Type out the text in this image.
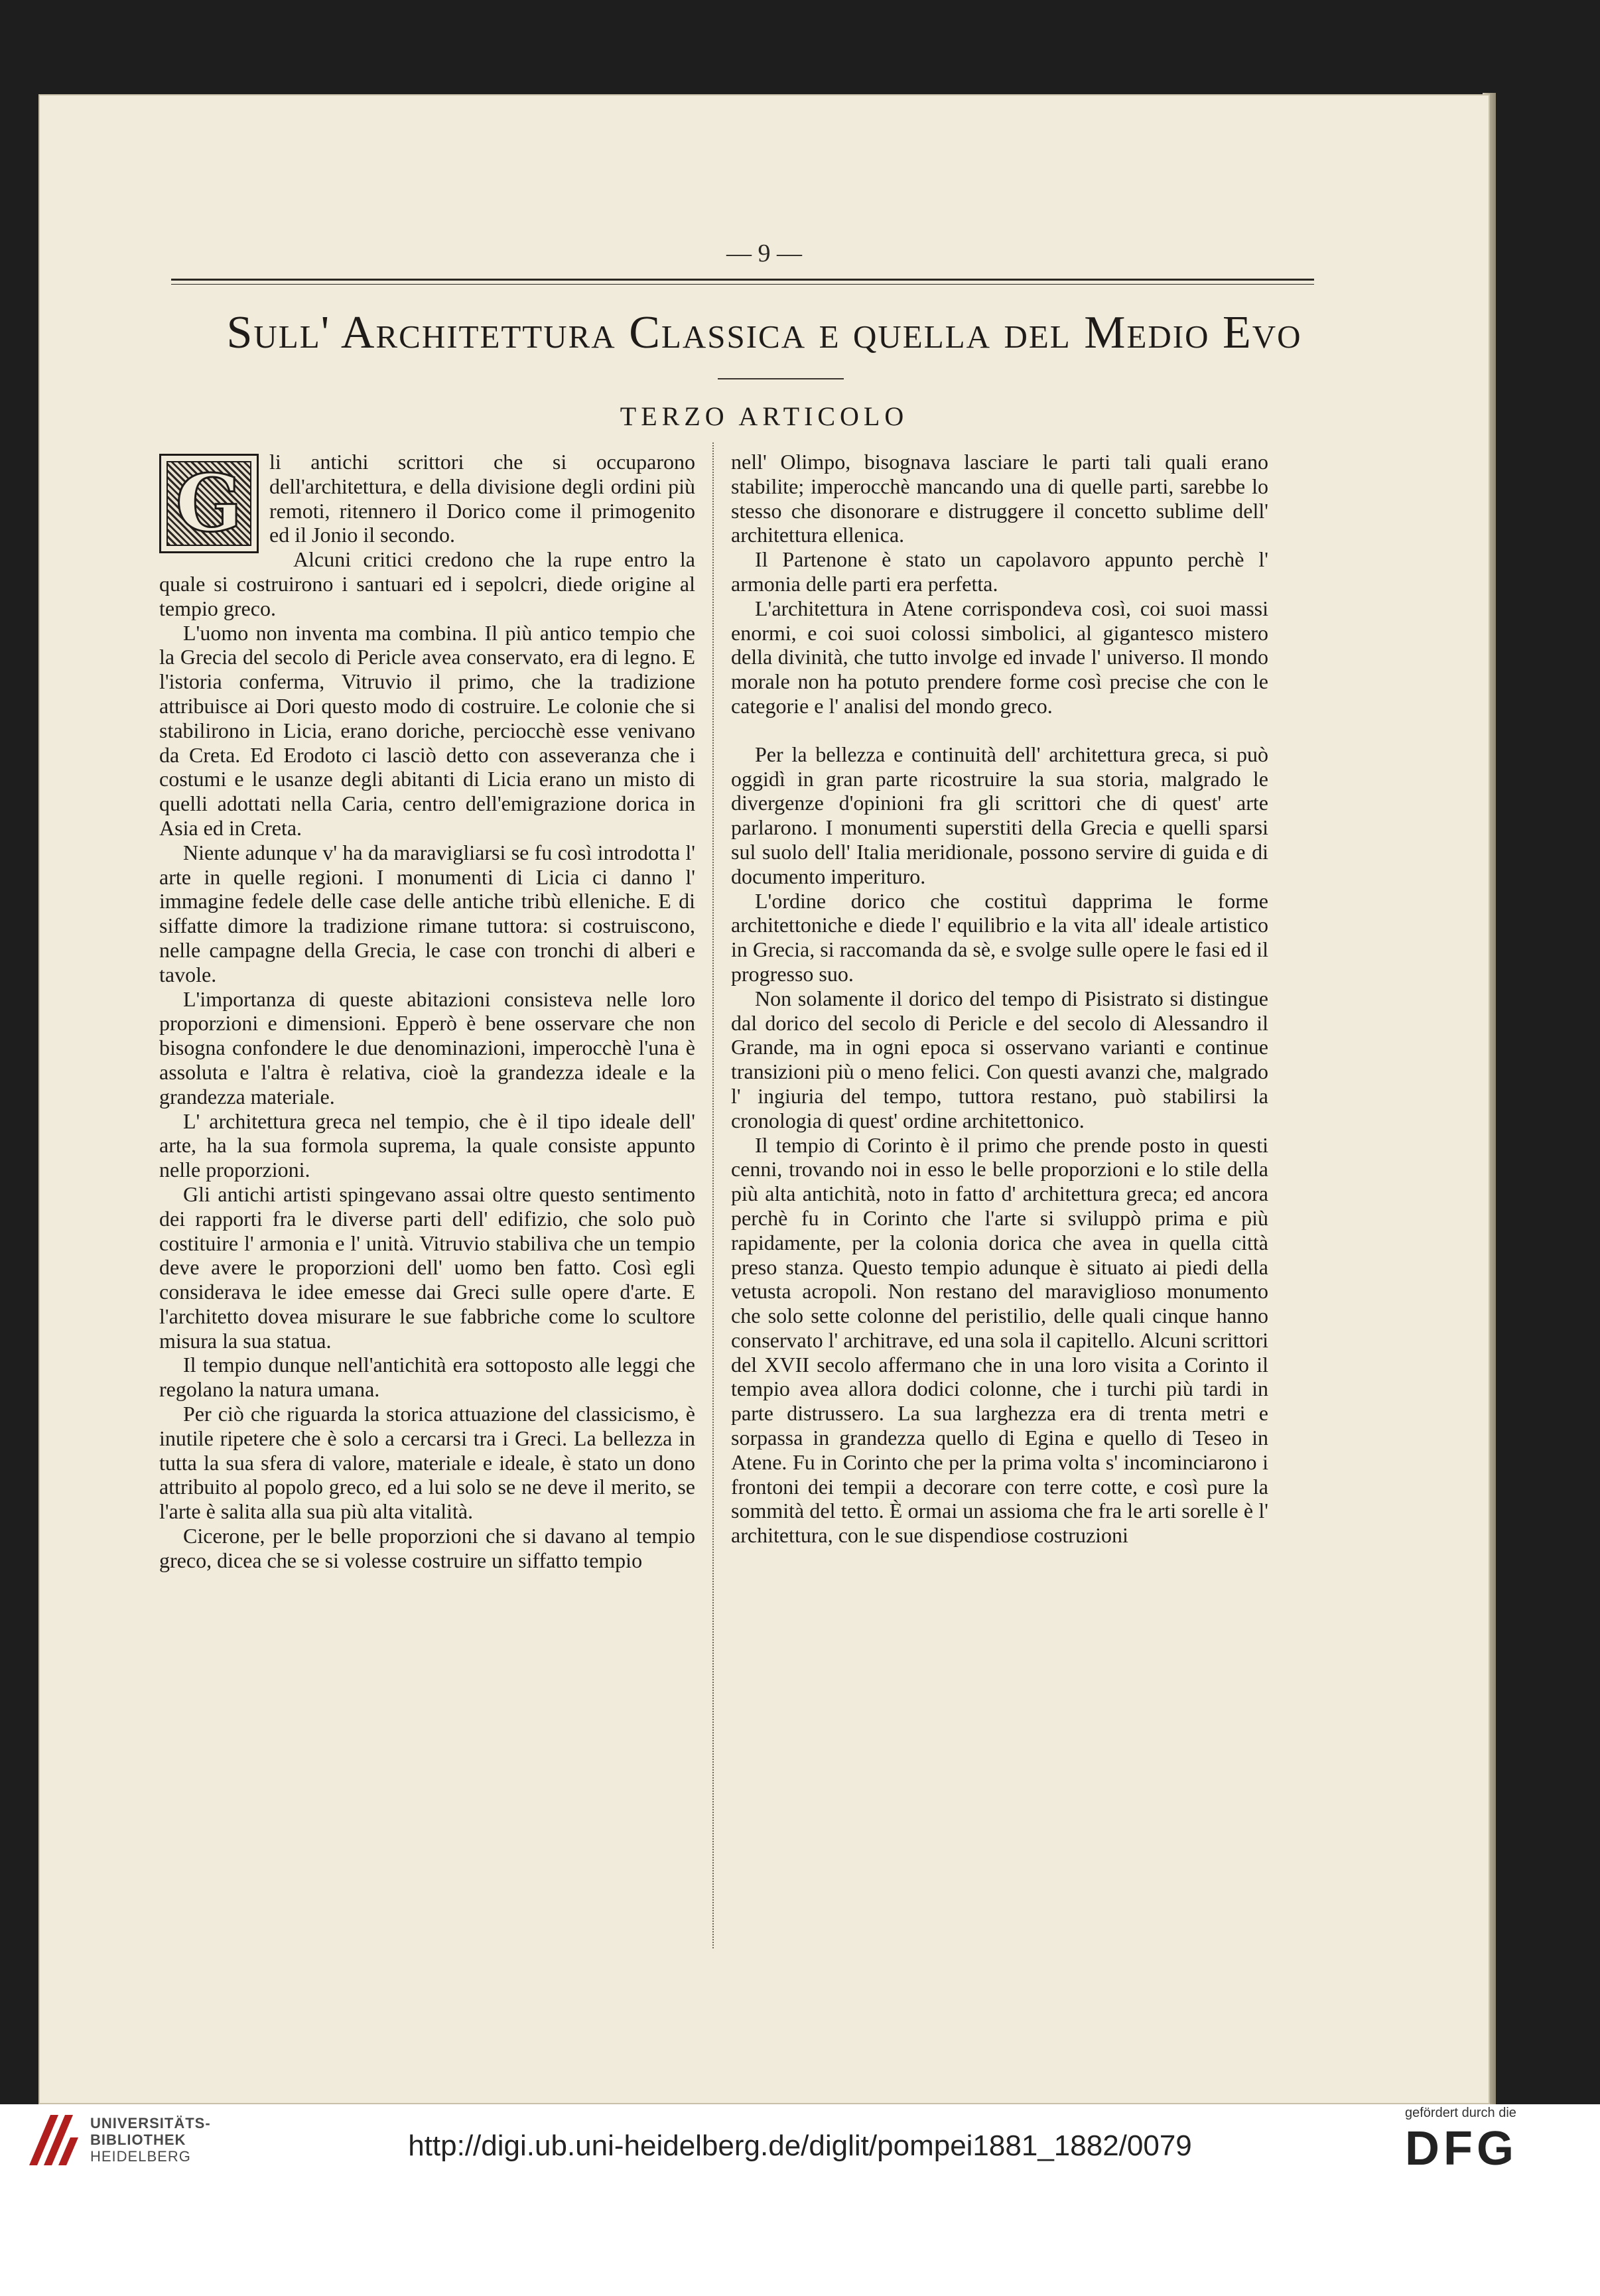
— 9 —
Sull' Architettura Classica e quella del Medio Evo
TERZO ARTICOLO

G	li antichi scrittori che si occuparono dell'architettura, e della divisione degli ordini più remoti, ritennero il Dorico come il primogenito ed il Jonio il secondo.

Alcuni critici credono che la rupe entro la quale si costruirono i santuari ed i sepolcri, diede origine al tempio greco.

L'uomo non inventa ma combina. Il più antico tempio che la Grecia del secolo di Pericle avea conservato, era di legno. E l'istoria conferma, Vitruvio il primo, che la tradizione attribuisce ai Dori questo modo di costruire. Le colonie che si stabilirono in Licia, erano doriche, perciocchè esse venivano da Creta. Ed Erodoto ci lasciò detto con asseveranza che i costumi e le usanze degli abitanti di Licia erano un misto di quelli adottati nella Caria, centro dell'emigrazione dorica in Asia ed in Creta.

Niente adunque v' ha da maravigliarsi se fu così introdotta l' arte in quelle regioni. I monumenti di Licia ci danno l' immagine fedele delle case delle antiche tribù elleniche. E di siffatte dimore la tradizione rimane tuttora: si costruiscono, nelle campagne della Grecia, le case con tronchi di alberi e tavole.

L'importanza di queste abitazioni consisteva nelle loro proporzioni e dimensioni. Epperò è bene osservare che non bisogna confondere le due denominazioni, imperocchè l'una è assoluta e l'altra è relativa, cioè la grandezza ideale e la grandezza materiale.

L' architettura greca nel tempio, che è il tipo ideale dell' arte, ha la sua formola suprema, la quale consiste appunto nelle proporzioni.

Gli antichi artisti spingevano assai oltre questo sentimento dei rapporti fra le diverse parti dell' edifizio, che solo può costituire l' armonia e l' unità. Vitruvio stabiliva che un tempio deve avere le proporzioni dell' uomo ben fatto. Così egli considerava le idee emesse dai Greci sulle opere d'arte. E l'architetto dovea misurare le sue fabbriche come lo scultore misura la sua statua.

Il tempio dunque nell'antichità era sottoposto alle leggi che regolano la natura umana.

Per ciò che riguarda la storica attuazione del classicismo, è inutile ripetere che è solo a cercarsi tra i Greci. La bellezza in tutta la sua sfera di valore, materiale e ideale, è stato un dono attribuito al popolo greco, ed a lui solo se ne deve il merito, se l'arte è salita alla sua più alta vitalità.

Cicerone, per le belle proporzioni che si davano al tempio greco, dicea che se si volesse costruire un siffatto tempio

nell' Olimpo, bisognava lasciare le parti tali quali erano stabilite; imperocchè mancando una di quelle parti, sarebbe lo stesso che disonorare e distruggere il concetto sublime dell' architettura ellenica.

Il Partenone è stato un capolavoro appunto perchè l' armonia delle parti era perfetta.

L'architettura in Atene corrispondeva così, coi suoi massi enormi, e coi suoi colossi simbolici, al gigantesco mistero della divinità, che tutto involge ed invade l' universo. Il mondo morale non ha potuto prendere forme così precise che con le categorie e l' analisi del mondo greco.

Per la bellezza e continuità dell' architettura greca, si può oggidì in gran parte ricostruire la sua storia, malgrado le divergenze d'opinioni fra gli scrittori che di quest' arte parlarono. I monumenti superstiti della Grecia e quelli sparsi sul suolo dell' Italia meridionale, possono servire di guida e di documento imperituro.

L'ordine dorico che costituì dapprima le forme architettoniche e diede l' equilibrio e la vita all' ideale artistico in Grecia, si raccomanda da sè, e svolge sulle opere le fasi ed il progresso suo.

Non solamente il dorico del tempo di Pisistrato si distingue dal dorico del secolo di Pericle e del secolo di Alessandro il Grande, ma in ogni epoca si osservano varianti e continue transizioni più o meno felici. Con questi avanzi che, malgrado l' ingiuria del tempo, tuttora restano, può stabilirsi la cronologia di quest' ordine architettonico.

Il tempio di Corinto è il primo che prende posto in questi cenni, trovando noi in esso le belle proporzioni e lo stile della più alta antichità, noto in fatto d' architettura greca; ed ancora perchè fu in Corinto che l'arte si sviluppò prima e più rapidamente, per la colonia dorica che avea in quella città preso stanza. Questo tempio adunque è situato ai piedi della vetusta acropoli. Non restano del maraviglioso monumento che solo sette colonne del peristilio, delle quali cinque hanno conservato l' architrave, ed una sola il capitello. Alcuni scrittori del XVII secolo affermano che in una loro visita a Corinto il tempio avea allora dodici colonne, che i turchi più tardi in parte distrussero. La sua larghezza era di trenta metri e sorpassa in grandezza quello di Egina e quello di Teseo in Atene. Fu in Corinto che per la prima volta s' incominciarono i frontoni dei tempii a decorare con terre cotte, e così pure la sommità del tetto. È ormai un assioma che fra le arti sorelle è l' architettura, con le sue dispendiose costruzioni

UNIVERSITÄTS-
BIBLIOTHEK
HEIDELBERG	http://digi.ub.uni-heidelberg.de/diglit/pompei1881_1882/0079
gefördert durch die
DFG
